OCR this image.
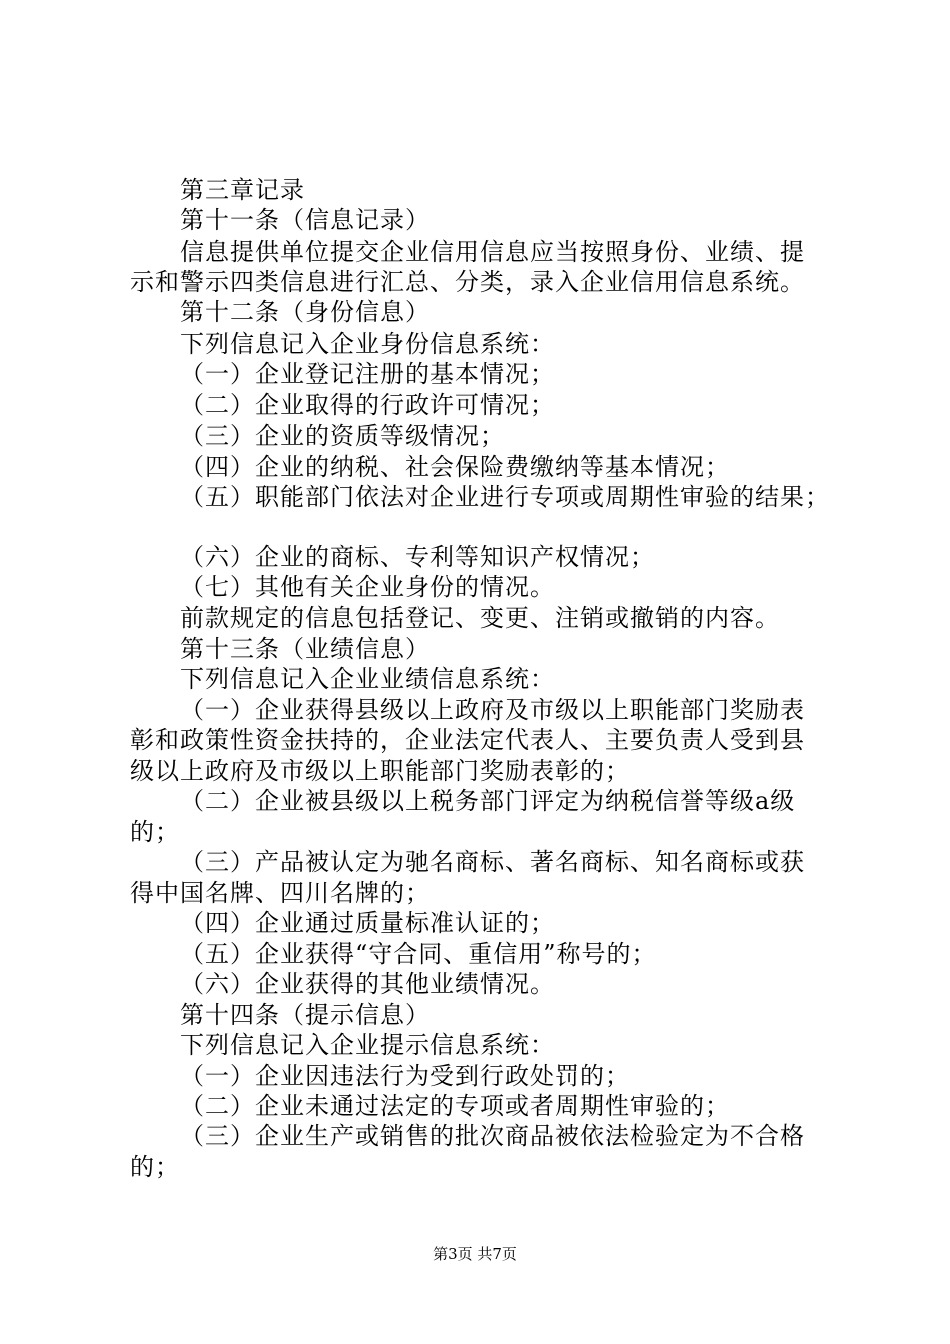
第三章记录
第十一条（信息记录）
信息提供单位提交企业信用信息应当按照身份、业绩、提
示和警示四类信息进行汇总、分类，录入企业信用信息系统。
第十二条（身份信息）
下列信息记入企业身份信息系统：
（一）企业登记注册的基本情况；
（二）企业取得的行政许可情况；
（三）企业的资质等级情况；
（四）企业的纳税、社会保险费缴纳等基本情况；
（五）职能部门依法对企业进行专项或周期性审验的结果；
（六）企业的商标、专利等知识产权情况；
（七）其他有关企业身份的情况。
前款规定的信息包括登记、变更、注销或撤销的内容。
第十三条（业绩信息）
下列信息记入企业业绩信息系统：
（一）企业获得县级以上政府及市级以上职能部门奖励表
彰和政策性资金扶持的，企业法定代表人、主要负责人受到县
级以上政府及市级以上职能部门奖励表彰的；
（二）企业被县级以上税务部门评定为纳税信誉等级a级
的；
（三）产品被认定为驰名商标、著名商标、知名商标或获
得中国名牌、四川名牌的；
（四）企业通过质量标准认证的；
（五）企业获得“守合同、重信用”称号的；
（六）企业获得的其他业绩情况。
第十四条（提示信息）
下列信息记入企业提示信息系统：
（一）企业因违法行为受到行政处罚的；
（二）企业未通过法定的专项或者周期性审验的；
（三）企业生产或销售的批次商品被依法检验定为不合格
的；
第3页 共7页
